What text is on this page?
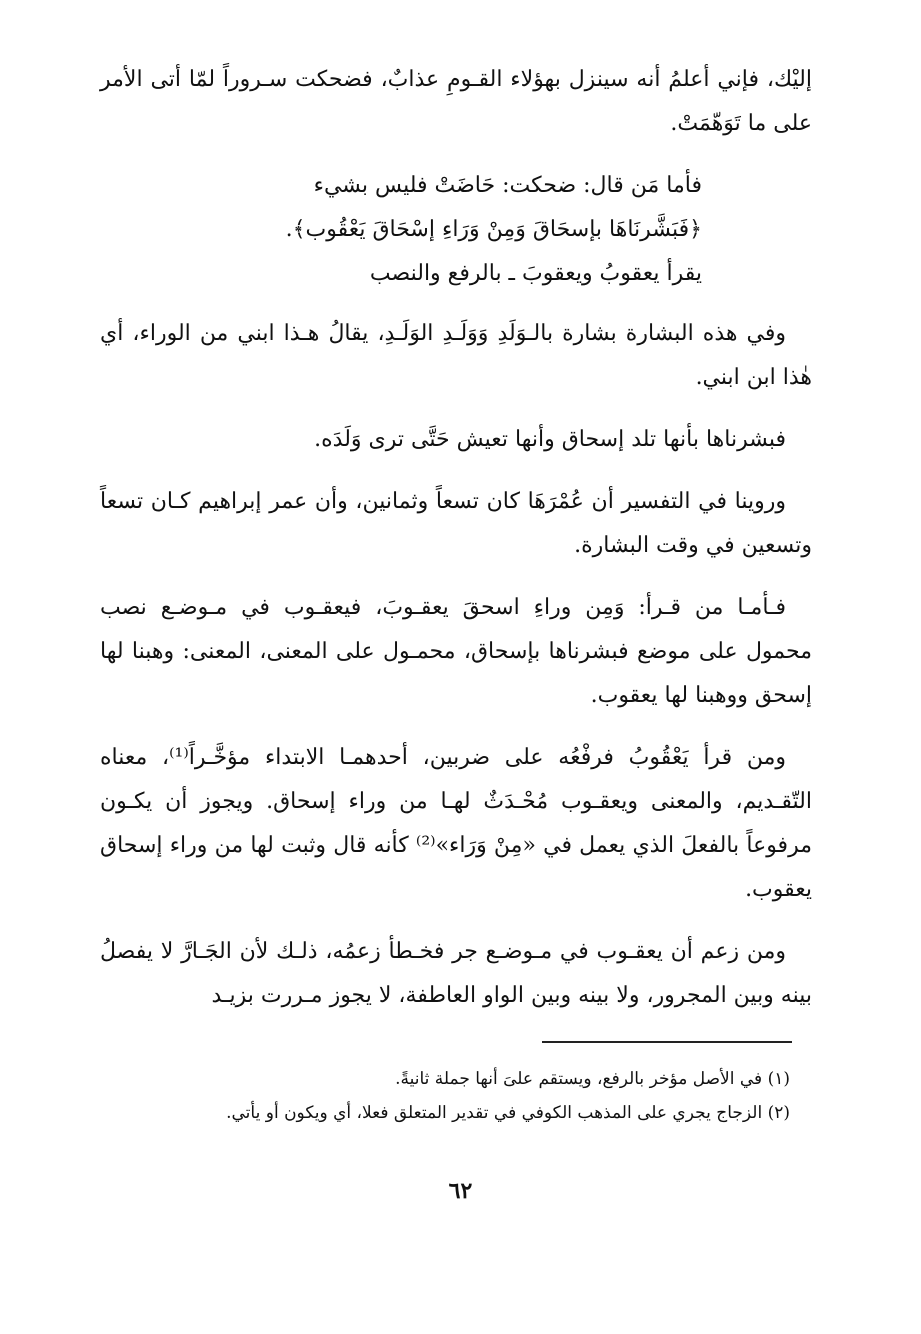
إليْك، فإني أعلمُ أنه سينزل بهؤلاء القـومِ عذابٌ، فضحكت سـروراً لمّا أتى الأمر على ما تَوَهّمَتْ.

فأما مَن قال: ضحكت: حَاضَتْ فليس بشيء
﴿فَبَشَّرنَاهَا بإسحَاقَ وَمِنْ وَرَاءِ إسْحَاقَ يَعْقُوب﴾.
يقرأ يعقوبُ ويعقوبَ ـ بالرفع والنصب

وفي هذه البشارة بشارة بالـوَلَدِ وَوَلَـدِ الوَلَـدِ، يقالُ هـذا ابني من الوراء، أي هٰذا ابن ابني.

فبشرناها بأنها تلد إسحاق وأنها تعيش حَتَّى ترى وَلَدَه.

وروينا في التفسير أن عُمْرَهَا كان تسعاً وثمانين، وأن عمر إبراهيم كـان تسعاً وتسعين في وقت البشارة.

فـأمـا من قـرأ: وَمِن وراءِ اسحقَ يعقـوبَ، فيعقـوب في مـوضـع نصب محمول على موضع فبشرناها بإسحاق، محمـول على المعنى، المعنى: وهبنا لها إسحق ووهبنا لها يعقوب.

ومن قرأ يَعْقُوبُ فرفْعُه على ضربين، أحدهمـا الابتداء مؤخَّـراً⁽¹⁾، معناه التّقـديم، والمعنى ويعقـوب مُحْـدَثٌ لهـا من وراء إسحاق. ويجوز أن يكـون مرفوعاً بالفعلَ الذي يعمل في «مِنْ وَرَاء»⁽²⁾ كأنه قال وثبت لها من وراء إسحاق يعقوب.

ومن زعم أن يعقـوب في مـوضـع جر فخـطأ زعمُه، ذلـك لأن الجَـارَّ لا يفصلُ بينه وبين المجرور، ولا بينه وبين الواو العاطفة، لا يجوز مـررت بزيـد

(١) في الأصل مؤخر بالرفع، ويستقم علىَ أنها جملة ثانيةً.
(٢) الزجاج يجري على المذهب الكوفي في تقدير المتعلق فعلا، أي ويكون أو يأتي.
٦٢
